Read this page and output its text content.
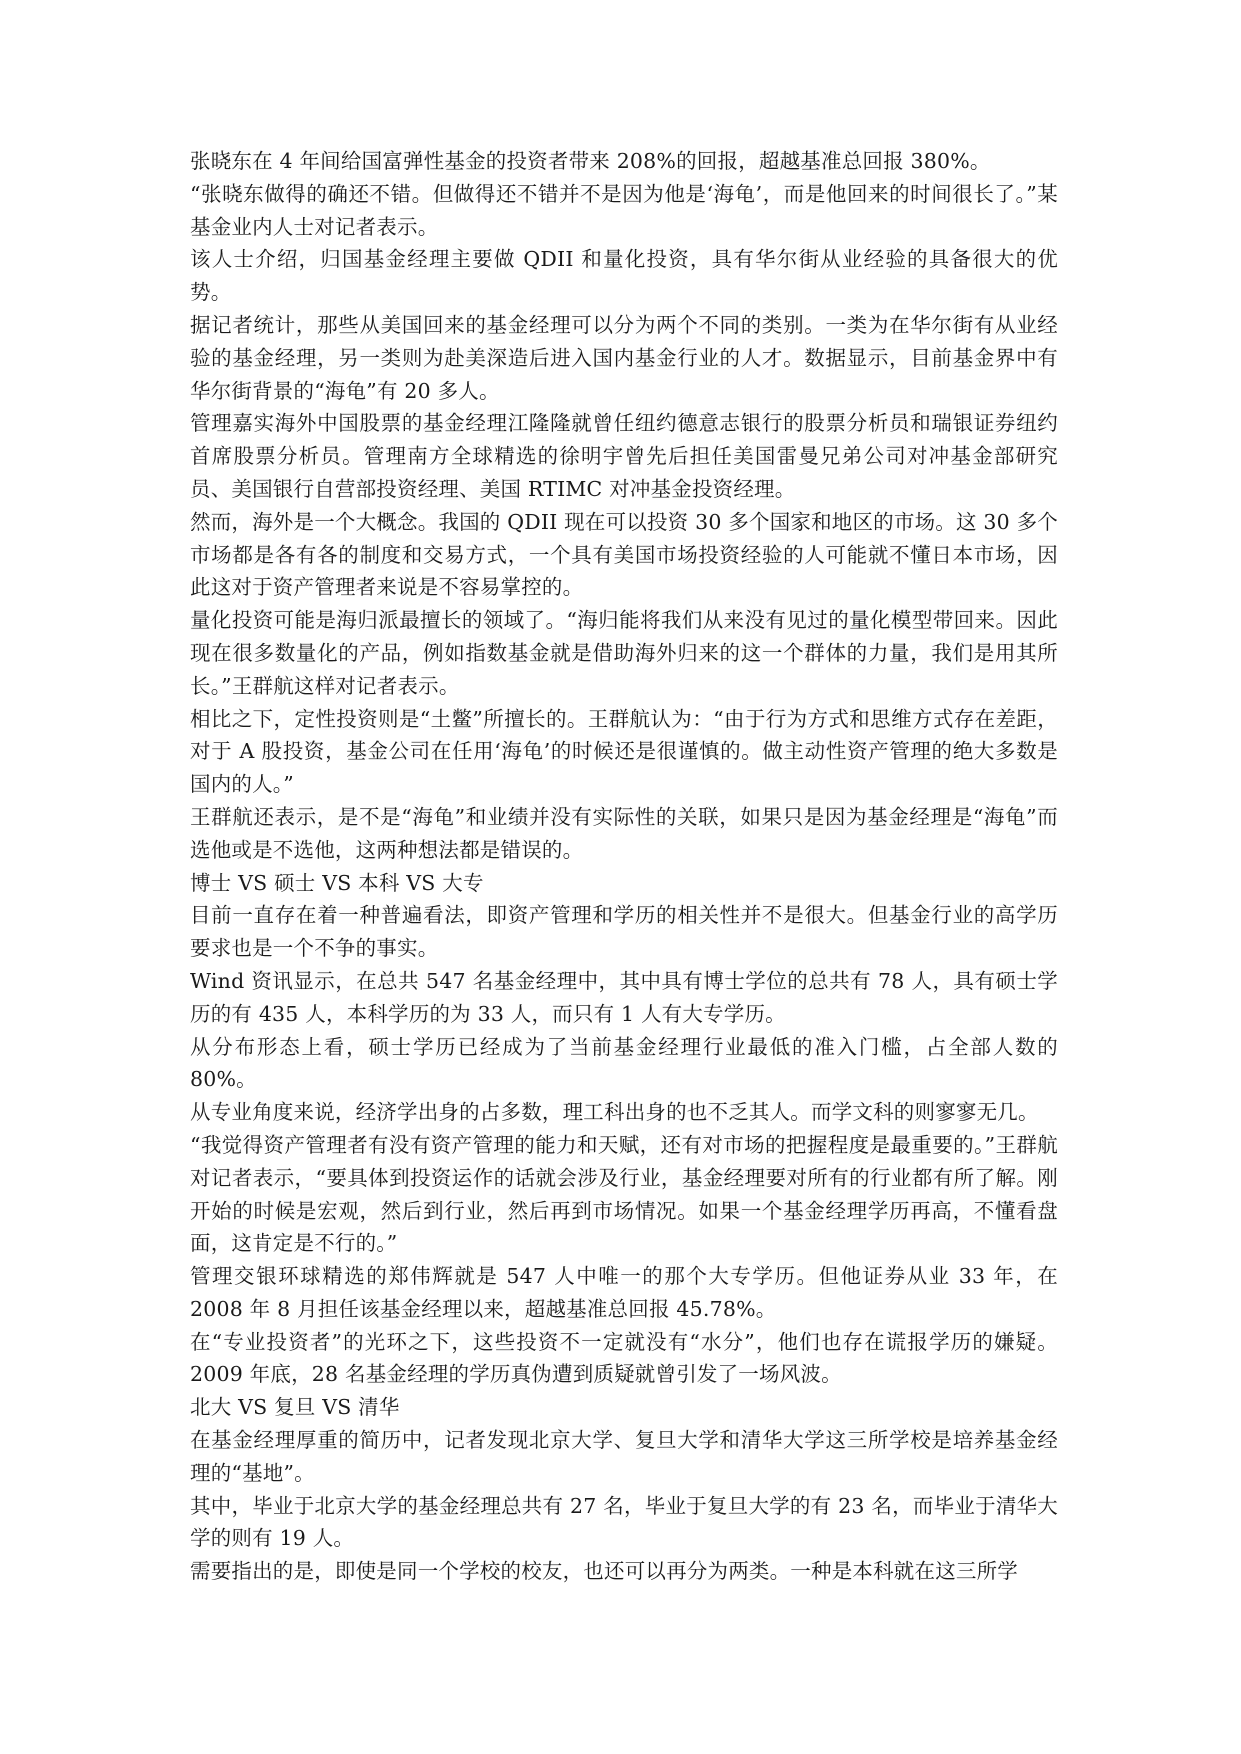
张晓东在 4 年间给国富弹性基金的投资者带来 208%的回报，超越基准总回报 380%。

“张晓东做得的确还不错。但做得还不错并不是因为他是‘海龟’，而是他回来的时间很长了。”某基金业内人士对记者表示。

该人士介绍，归国基金经理主要做 QDII 和量化投资，具有华尔街从业经验的具备很大的优势。

据记者统计，那些从美国回来的基金经理可以分为两个不同的类别。一类为在华尔街有从业经验的基金经理，另一类则为赴美深造后进入国内基金行业的人才。数据显示，目前基金界中有华尔街背景的“海龟”有 20 多人。

管理嘉实海外中国股票的基金经理江隆隆就曾任纽约德意志银行的股票分析员和瑞银证券纽约首席股票分析员。管理南方全球精选的徐明宇曾先后担任美国雷曼兄弟公司对冲基金部研究员、美国银行自营部投资经理、美国 RTIMC 对冲基金投资经理。

然而，海外是一个大概念。我国的 QDII 现在可以投资 30 多个国家和地区的市场。这 30 多个市场都是各有各的制度和交易方式，一个具有美国市场投资经验的人可能就不懂日本市场，因此这对于资产管理者来说是不容易掌控的。

量化投资可能是海归派最擅长的领域了。“海归能将我们从来没有见过的量化模型带回来。因此现在很多数量化的产品，例如指数基金就是借助海外归来的这一个群体的力量，我们是用其所长。”王群航这样对记者表示。

相比之下，定性投资则是“土鳖”所擅长的。王群航认为：“由于行为方式和思维方式存在差距，对于 A 股投资，基金公司在任用‘海龟’的时候还是很谨慎的。做主动性资产管理的绝大多数是国内的人。”

王群航还表示，是不是“海龟”和业绩并没有实际性的关联，如果只是因为基金经理是“海龟”而选他或是不选他，这两种想法都是错误的。

博士 VS 硕士 VS 本科 VS 大专

目前一直存在着一种普遍看法，即资产管理和学历的相关性并不是很大。但基金行业的高学历要求也是一个不争的事实。

Wind 资讯显示，在总共 547 名基金经理中，其中具有博士学位的总共有 78 人，具有硕士学历的有 435 人，本科学历的为 33 人，而只有 1 人有大专学历。

从分布形态上看，硕士学历已经成为了当前基金经理行业最低的准入门槛，占全部人数的 80%。

从专业角度来说，经济学出身的占多数，理工科出身的也不乏其人。而学文科的则寥寥无几。

“我觉得资产管理者有没有资产管理的能力和天赋，还有对市场的把握程度是最重要的。”王群航对记者表示，“要具体到投资运作的话就会涉及行业，基金经理要对所有的行业都有所了解。刚开始的时候是宏观，然后到行业，然后再到市场情况。如果一个基金经理学历再高，不懂看盘面，这肯定是不行的。”

管理交银环球精选的郑伟辉就是 547 人中唯一的那个大专学历。但他证券从业 33 年，在 2008 年 8 月担任该基金经理以来，超越基准总回报 45.78%。

在“专业投资者”的光环之下，这些投资不一定就没有“水分”，他们也存在谎报学历的嫌疑。2009 年底，28 名基金经理的学历真伪遭到质疑就曾引发了一场风波。

北大 VS 复旦 VS 清华

在基金经理厚重的简历中，记者发现北京大学、复旦大学和清华大学这三所学校是培养基金经理的“基地”。

其中，毕业于北京大学的基金经理总共有 27 名，毕业于复旦大学的有 23 名，而毕业于清华大学的则有 19 人。

需要指出的是，即使是同一个学校的校友，也还可以再分为两类。一种是本科就在这三所学
